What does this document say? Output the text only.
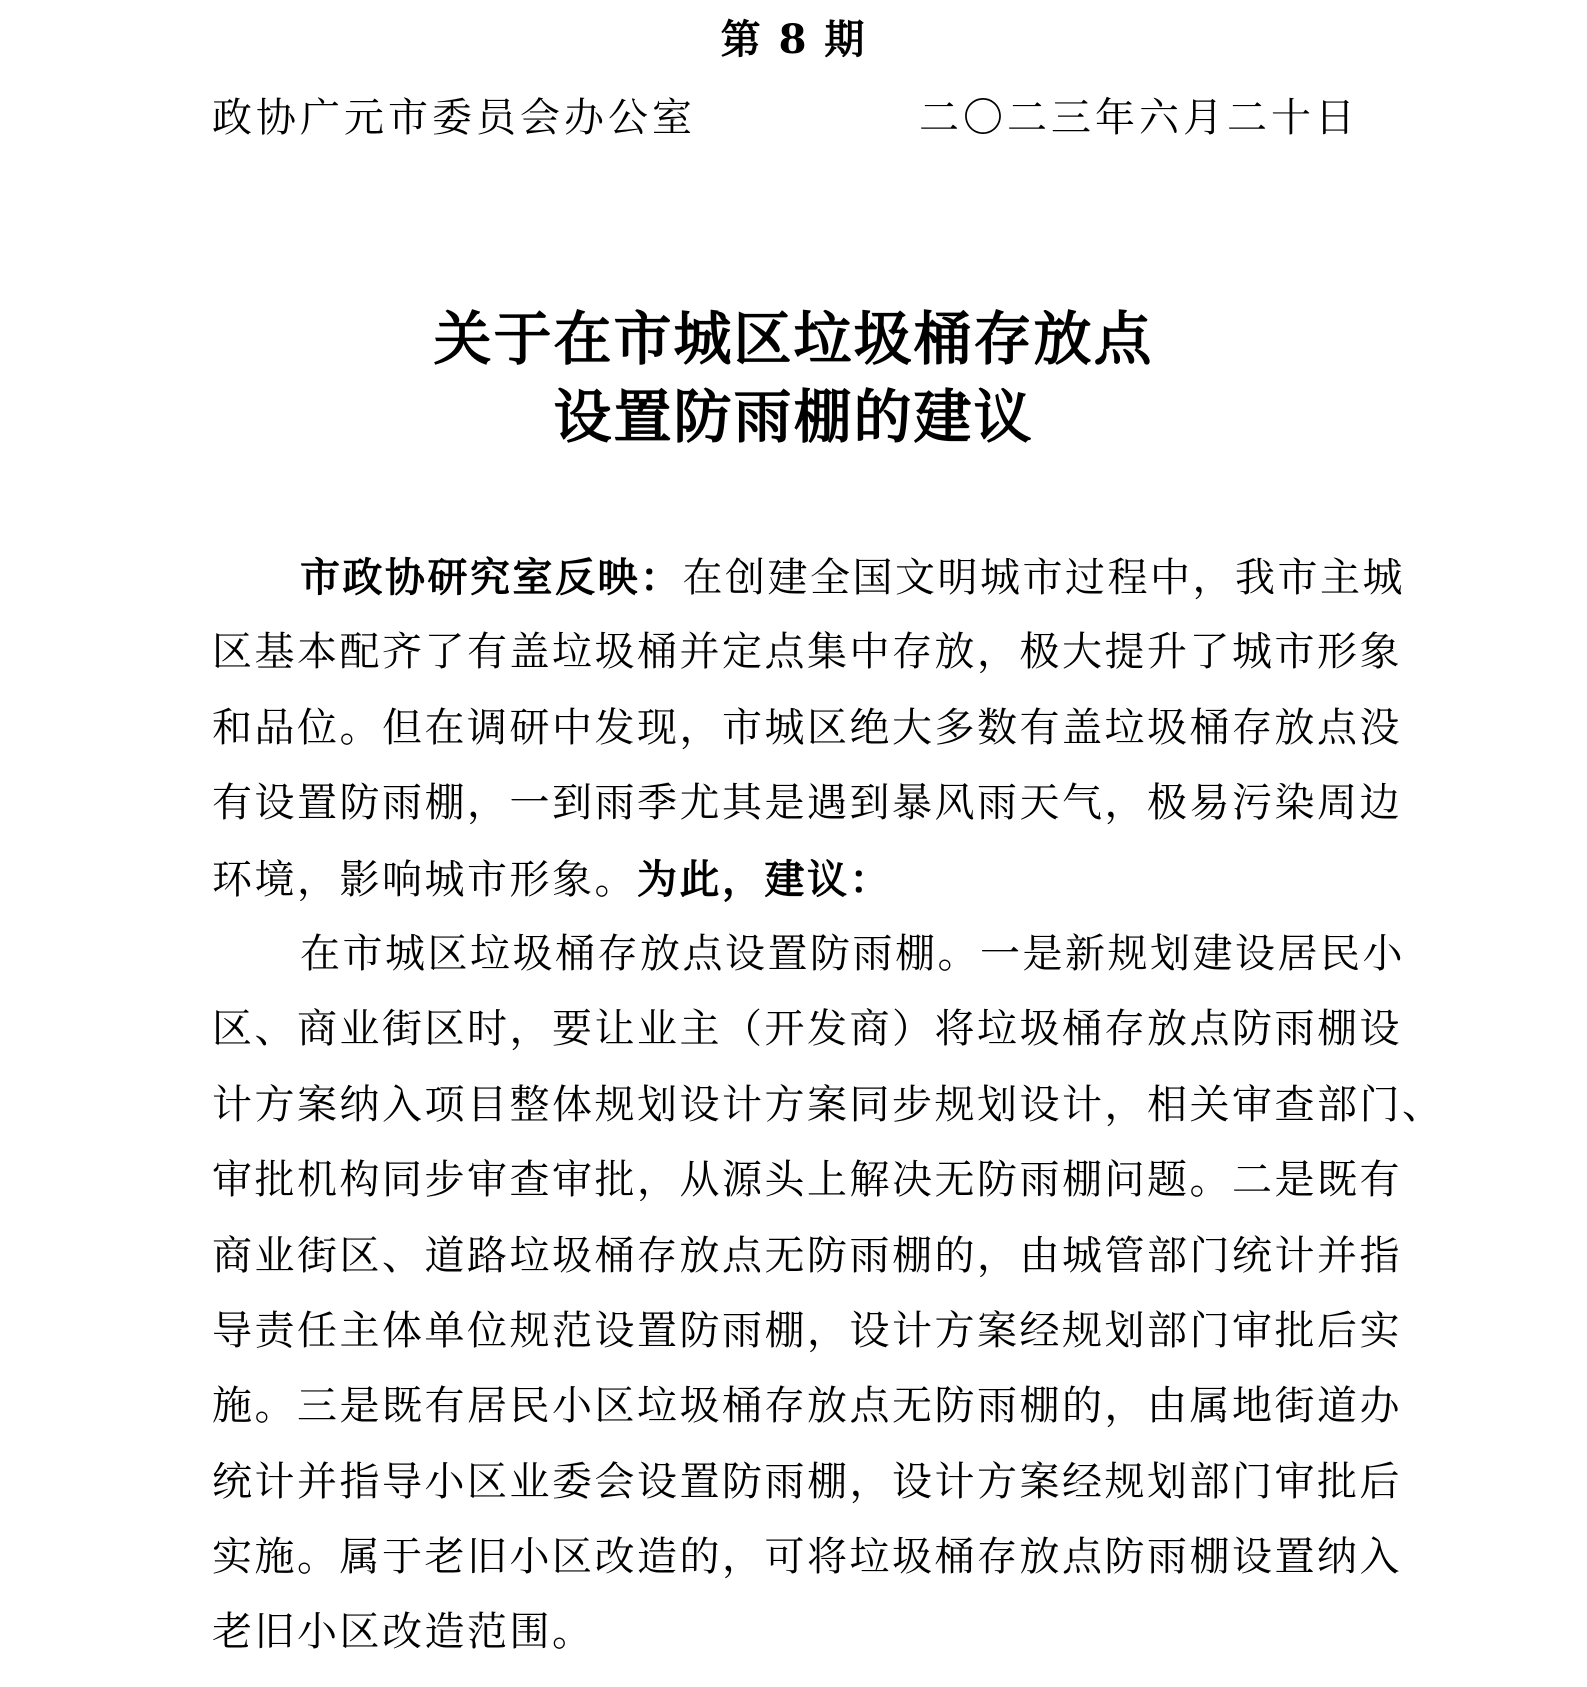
第 8 期
政协广元市委员会办公室	二〇二三年六月二十日
关于在市城区垃圾桶存放点
设置防雨棚的建议
市政协研究室反映：在创建全国文明城市过程中，我市主城
区基本配齐了有盖垃圾桶并定点集中存放，极大提升了城市形象
和品位。但在调研中发现，市城区绝大多数有盖垃圾桶存放点没
有设置防雨棚，一到雨季尤其是遇到暴风雨天气，极易污染周边
环境，影响城市形象。为此，建议：
在市城区垃圾桶存放点设置防雨棚。一是新规划建设居民小
区、商业街区时，要让业主（开发商）将垃圾桶存放点防雨棚设
计方案纳入项目整体规划设计方案同步规划设计，相关审查部门、
审批机构同步审查审批，从源头上解决无防雨棚问题。二是既有
商业街区、道路垃圾桶存放点无防雨棚的，由城管部门统计并指
导责任主体单位规范设置防雨棚，设计方案经规划部门审批后实
施。三是既有居民小区垃圾桶存放点无防雨棚的，由属地街道办
统计并指导小区业委会设置防雨棚，设计方案经规划部门审批后
实施。属于老旧小区改造的，可将垃圾桶存放点防雨棚设置纳入
老旧小区改造范围。
